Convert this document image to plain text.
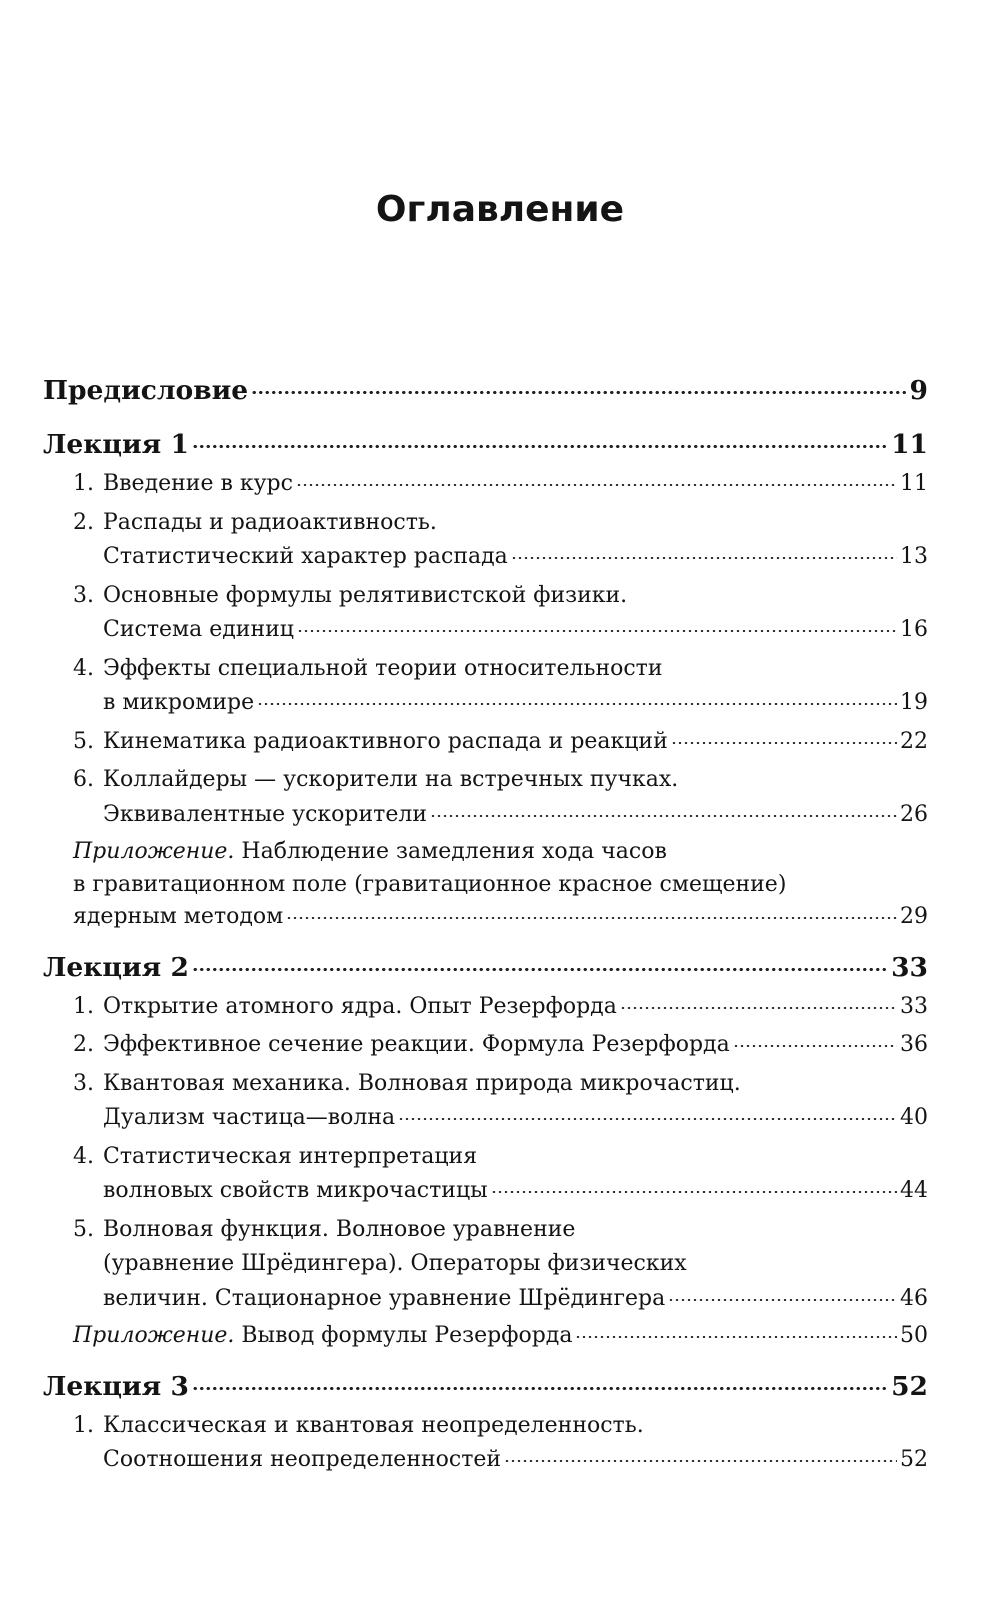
Оглавление
Предисловие	9
Лекция 1	11
1. Введение в курс	11
2. Распады и радиоактивность.
Статистический характер распада	13
3. Основные формулы релятивистской физики.
Система единиц	16
4. Эффекты специальной теории относительности
в микромире	19
5. Кинематика радиоактивного распада и реакций	22
6. Коллайдеры — ускорители на встречных пучках.
Эквивалентные ускорители	26
Приложение. Наблюдение замедления хода часов
в гравитационном поле (гравитационное красное смещение)
ядерным методом	29
Лекция 2	33
1. Открытие атомного ядра. Опыт Резерфорда	33
2. Эффективное сечение реакции. Формула Резерфорда	36
3. Квантовая механика. Волновая природа микрочастиц.
Дуализм частица—волна	40
4. Статистическая интерпретация
волновых свойств микрочастицы	44
5. Волновая функция. Волновое уравнение
(уравнение Шрёдингера). Операторы физических
величин. Стационарное уравнение Шрёдингера	46
Приложение. Вывод формулы Резерфорда	50
Лекция 3	52
1. Классическая и квантовая неопределенность.
Соотношения неопределенностей	52
